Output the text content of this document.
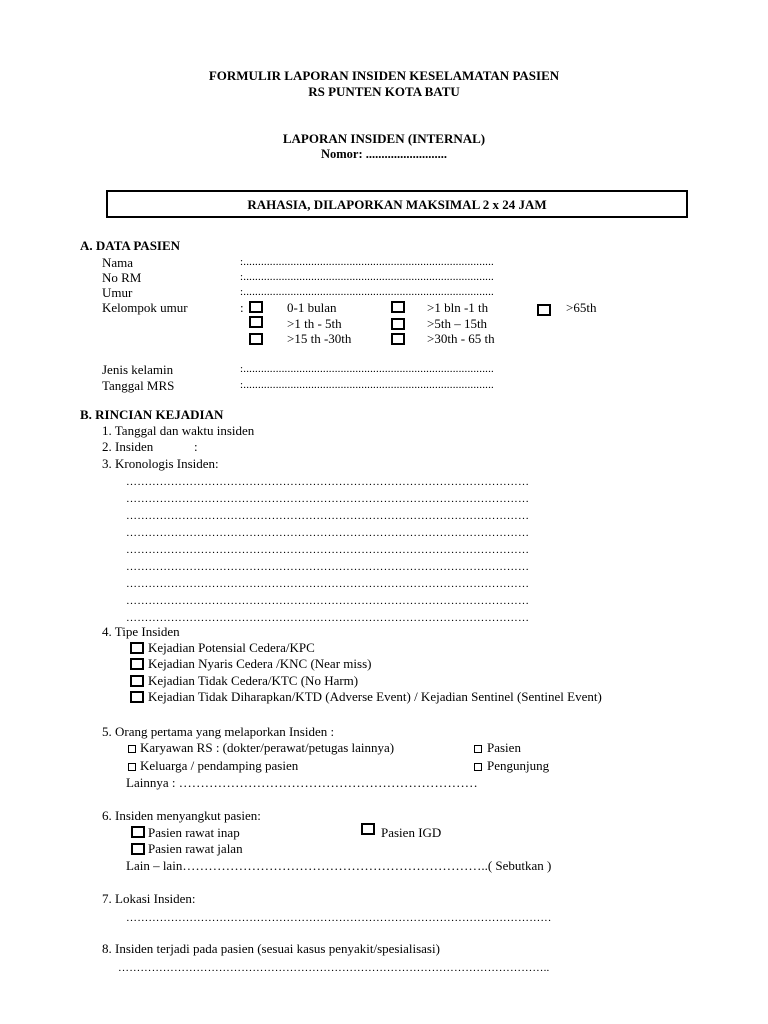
FORMULIR LAPORAN INSIDEN KESELAMATAN PASIEN
RS PUNTEN KOTA BATU
LAPORAN INSIDEN (INTERNAL)
Nomor: ..........................
RAHASIA, DILAPORKAN MAKSIMAL 2 x 24 JAM
A. DATA PASIEN
Nama	:.....................................................................................
No RM	:.....................................................................................
Umur	:.....................................................................................
Kelompok umur	:	0-1 bulan	>1 bln -1 th	>65th
>1 th - 5th	>5th – 15th
>15 th -30th	>30th - 65 th
Jenis kelamin	:.....................................................................................
Tanggal MRS	:.....................................................................................
B. RINCIAN KEJADIAN
1. Tanggal dan waktu insiden
2. Insiden	:
3. Kronologis Insiden:
………………………………………………………………………………………………
………………………………………………………………………………………………
………………………………………………………………………………………………
………………………………………………………………………………………………
………………………………………………………………………………………………
………………………………………………………………………………………………
………………………………………………………………………………………………
………………………………………………………………………………………………
………………………………………………………………………………………………
4. Tipe Insiden
Kejadian Potensial Cedera/KPC
Kejadian Nyaris Cedera /KNC (Near miss)
Kejadian Tidak Cedera/KTC (No Harm)
Kejadian Tidak Diharapkan/KTD (Adverse Event) / Kejadian Sentinel (Sentinel Event)
5. Orang pertama yang melaporkan Insiden :
Karyawan RS : (dokter/perawat/petugas lainnya)	Pasien
Keluarga / pendamping pasien	Pengunjung
Lainnya : ……………………………………………………………
6. Insiden menyangkut pasien:
Pasien rawat inap	Pasien IGD
Pasien rawat jalan
Lain – lain……………………………………………………………..( Sebutkan )
7. Lokasi Insiden:
……………………………………………………………………………………………………
8. Insiden terjadi pada pasien (sesuai kasus penyakit/spesialisasi)
……………………………………………………………………………………………………..
